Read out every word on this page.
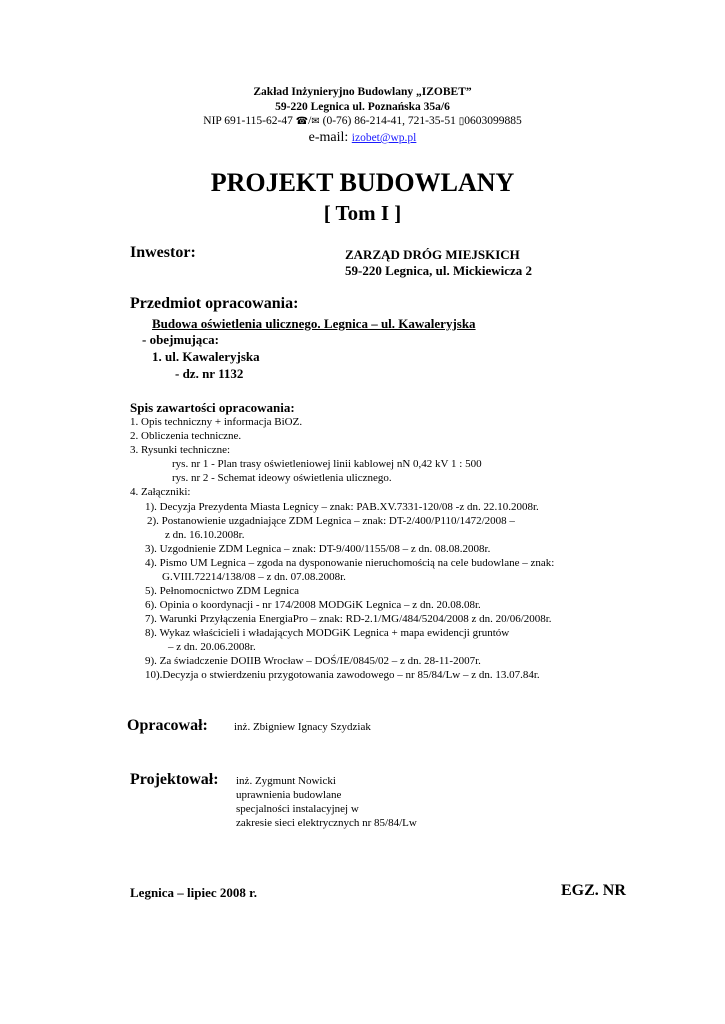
Zakład Inżynieryjno Budowlany „IZOBET”
59-220 Legnica ul. Poznańska 35a/6
NIP 691-115-62-47 ☎/✉ (0-76) 86-214-41, 721-35-51 ▯0603099885
e-mail: izobet@wp.pl
PROJEKT BUDOWLANY
[ Tom I ]
Inwestor:	ZARZĄD DRÓG MIEJSKICH
59-220 Legnica, ul. Mickiewicza 2
Przedmiot opracowania:
Budowa oświetlenia ulicznego. Legnica – ul. Kawaleryjska
- obejmująca:
1. ul. Kawaleryjska
- dz. nr 1132
Spis zawartości opracowania:
1. Opis techniczny + informacja BiOZ.
2. Obliczenia techniczne.
3. Rysunki techniczne:
rys. nr 1 - Plan trasy oświetleniowej linii kablowej nN 0,42 kV 1 : 500
rys. nr 2 - Schemat ideowy oświetlenia ulicznego.
4. Załączniki:
1). Decyzja Prezydenta Miasta Legnicy – znak: PAB.XV.7331-120/08 -z dn. 22.10.2008r.
2). Postanowienie uzgadniające ZDM Legnica – znak: DT-2/400/P110/1472/2008 –
z dn. 16.10.2008r.
3). Uzgodnienie ZDM Legnica – znak: DT-9/400/1155/08 – z dn. 08.08.2008r.
4). Pismo UM Legnica – zgoda na dysponowanie nieruchomością na cele budowlane – znak:
G.VIII.72214/138/08 – z dn. 07.08.2008r.
5). Pełnomocnictwo ZDM Legnica
6). Opinia o koordynacji - nr 174/2008 MODGiK Legnica – z dn. 20.08.08r.
7). Warunki Przyłączenia EnergiaPro – znak: RD-2.1/MG/484/5204/2008 z dn. 20/06/2008r.
8). Wykaz właścicieli i władających MODGiK Legnica + mapa ewidencji gruntów
– z dn. 20.06.2008r.
9). Za świadczenie DOIIB Wrocław – DOŚ/IE/0845/02 – z dn. 28-11-2007r.
10).Decyzja o stwierdzeniu przygotowania zawodowego – nr 85/84/Lw – z dn. 13.07.84r.
Opracował: inż. Zbigniew Ignacy Szydziak
Projektował: inż. Zygmunt Nowicki
uprawnienia budowlane
specjalności instalacyjnej w
zakresie sieci elektrycznych nr 85/84/Lw
Legnica – lipiec 2008 r.	EGZ. NR
